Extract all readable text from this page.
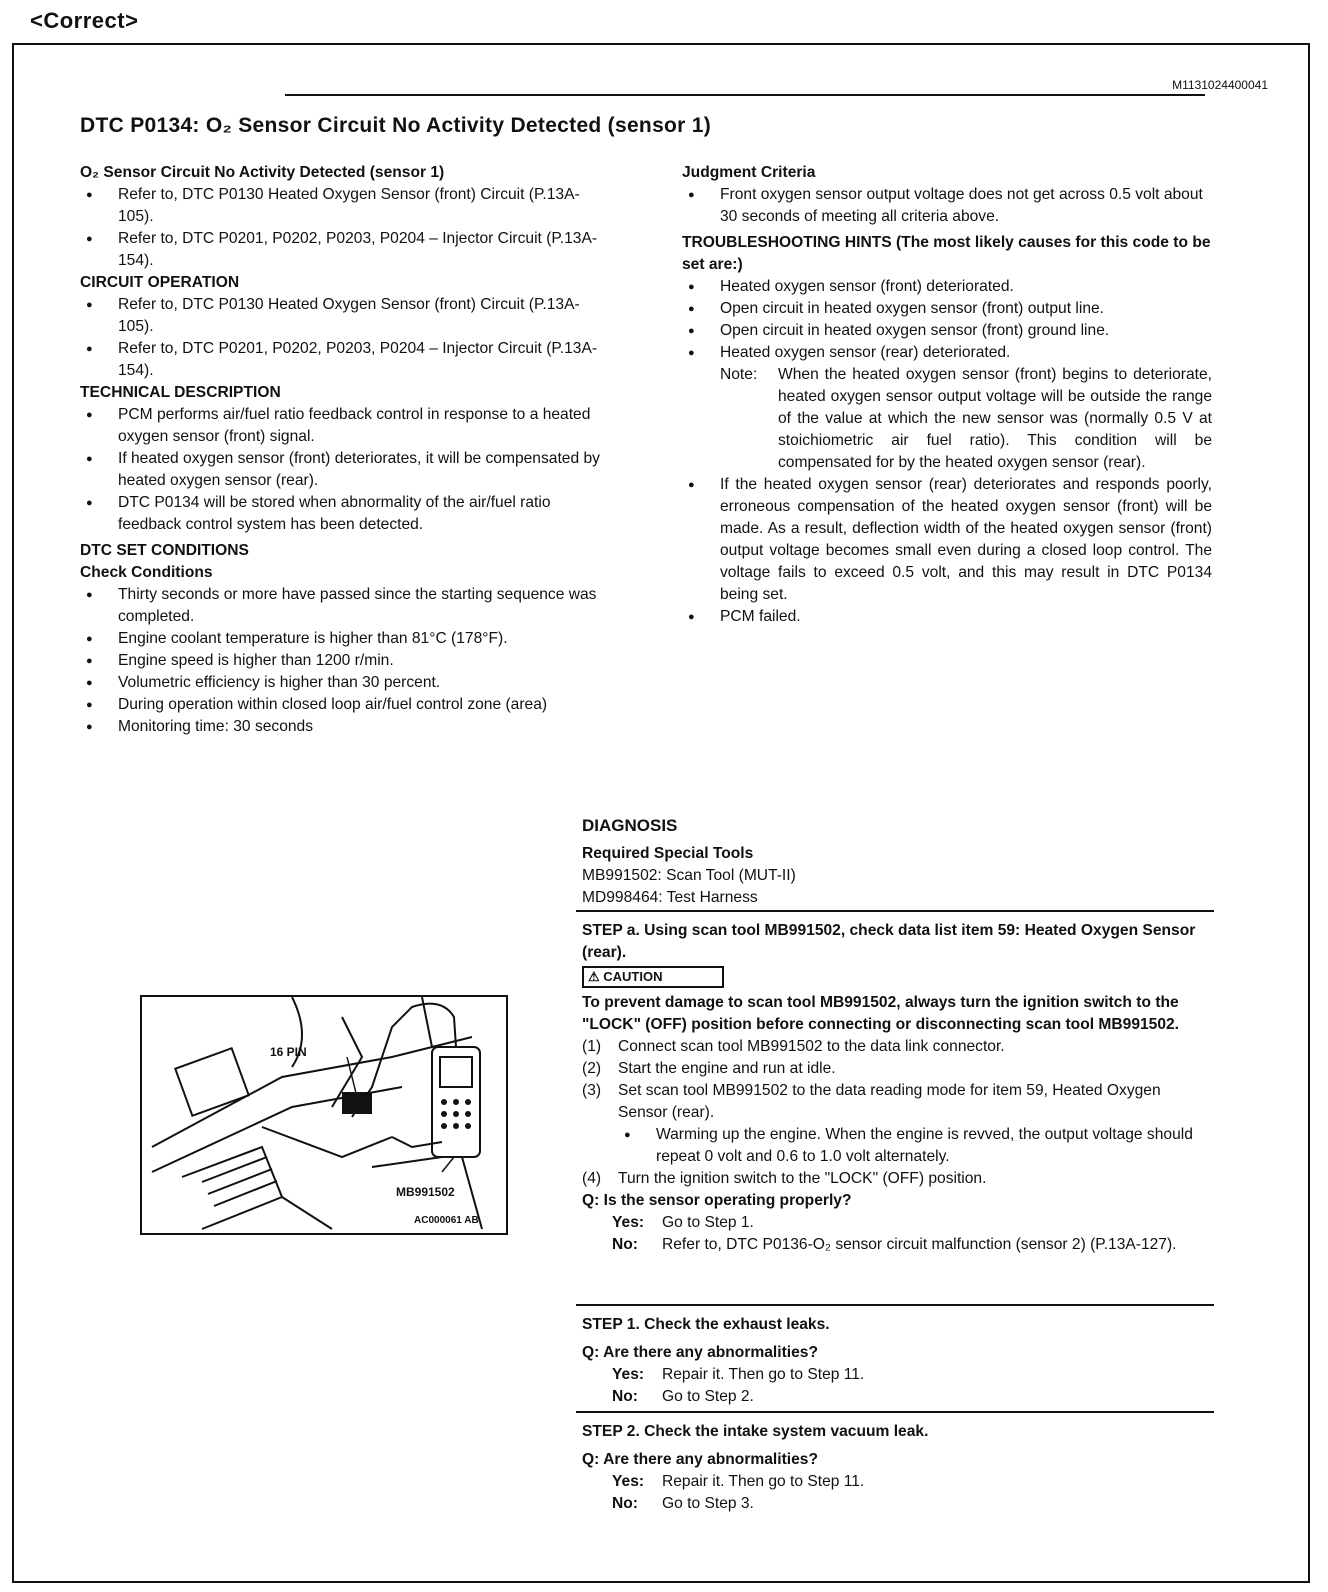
<Correct>
M1131024400041
DTC P0134: O₂ Sensor Circuit No Activity Detected (sensor 1)

O₂ Sensor Circuit No Activity Detected (sensor 1)

● Refer to, DTC P0130 Heated Oxygen Sensor (front) Circuit (P.13A-105).
● Refer to, DTC P0201, P0202, P0203, P0204 – Injector Circuit (P.13A-154).

CIRCUIT OPERATION

● Refer to, DTC P0130 Heated Oxygen Sensor (front) Circuit (P.13A-105).
● Refer to, DTC P0201, P0202, P0203, P0204 – Injector Circuit (P.13A-154).

TECHNICAL DESCRIPTION

● PCM performs air/fuel ratio feedback control in response to a heated oxygen sensor (front) signal.
● If heated oxygen sensor (front) deteriorates, it will be compensated by heated oxygen sensor (rear).
● DTC P0134 will be stored when abnormality of the air/fuel ratio feedback control system has been detected.

DTC SET CONDITIONS

Check Conditions

● Thirty seconds or more have passed since the starting sequence was completed.
● Engine coolant temperature is higher than 81°C (178°F).
● Engine speed is higher than 1200 r/min.
● Volumetric efficiency is higher than 30 percent.
● During operation within closed loop air/fuel control zone (area)
● Monitoring time: 30 seconds

Judgment Criteria

● Front oxygen sensor output voltage does not get across 0.5 volt about 30 seconds of meeting all criteria above.

TROUBLESHOOTING HINTS (The most likely causes for this code to be set are:)

● Heated oxygen sensor (front) deteriorated.
● Open circuit in heated oxygen sensor (front) output line.
● Open circuit in heated oxygen sensor (front) ground line.
● Heated oxygen sensor (rear) deteriorated.
Note:	When the heated oxygen sensor (front) begins to deteriorate, heated oxygen sensor output voltage will be outside the range of the value at which the new sensor was (normally 0.5 V at stoichiometric air fuel ratio). This condition will be compensated for by the heated oxygen sensor (rear).
● If the heated oxygen sensor (rear) deteriorates and responds poorly, erroneous compensation of the heated oxygen sensor (front) will be made. As a result, deflection width of the heated oxygen sensor (front) output voltage becomes small even during a closed loop control. The voltage fails to exceed 0.5 volt, and this may result in DTC P0134 being set.
● PCM failed.
16 PIN
MB991502
AC000061 AB

DIAGNOSIS

Required Special Tools

MB991502: Scan Tool (MUT-II)
MD998464: Test Harness

STEP a. Using scan tool MB991502, check data list item 59: Heated Oxygen Sensor (rear).

⚠ CAUTION

To prevent damage to scan tool MB991502, always turn the ignition switch to the "LOCK" (OFF) position before connecting or disconnecting scan tool MB991502.

(1) Connect scan tool MB991502 to the data link connector.
(2) Start the engine and run at idle.
(3) Set scan tool MB991502 to the data reading mode for item 59, Heated Oxygen Sensor (rear).
● Warming up the engine. When the engine is revved, the output voltage should repeat 0 volt and 0.6 to 1.0 volt alternately.
(4) Turn the ignition switch to the "LOCK" (OFF) position.

Q: Is the sensor operating properly?

Yes:	Go to Step 1.
No:	Refer to, DTC P0136-O₂ sensor circuit malfunction (sensor 2) (P.13A-127).

STEP 1. Check the exhaust leaks.

Q: Are there any abnormalities?

Yes:	Repair it. Then go to Step 11.
No:	Go to Step 2.

STEP 2. Check the intake system vacuum leak.

Q: Are there any abnormalities?

Yes:	Repair it. Then go to Step 11.
No:	Go to Step 3.
